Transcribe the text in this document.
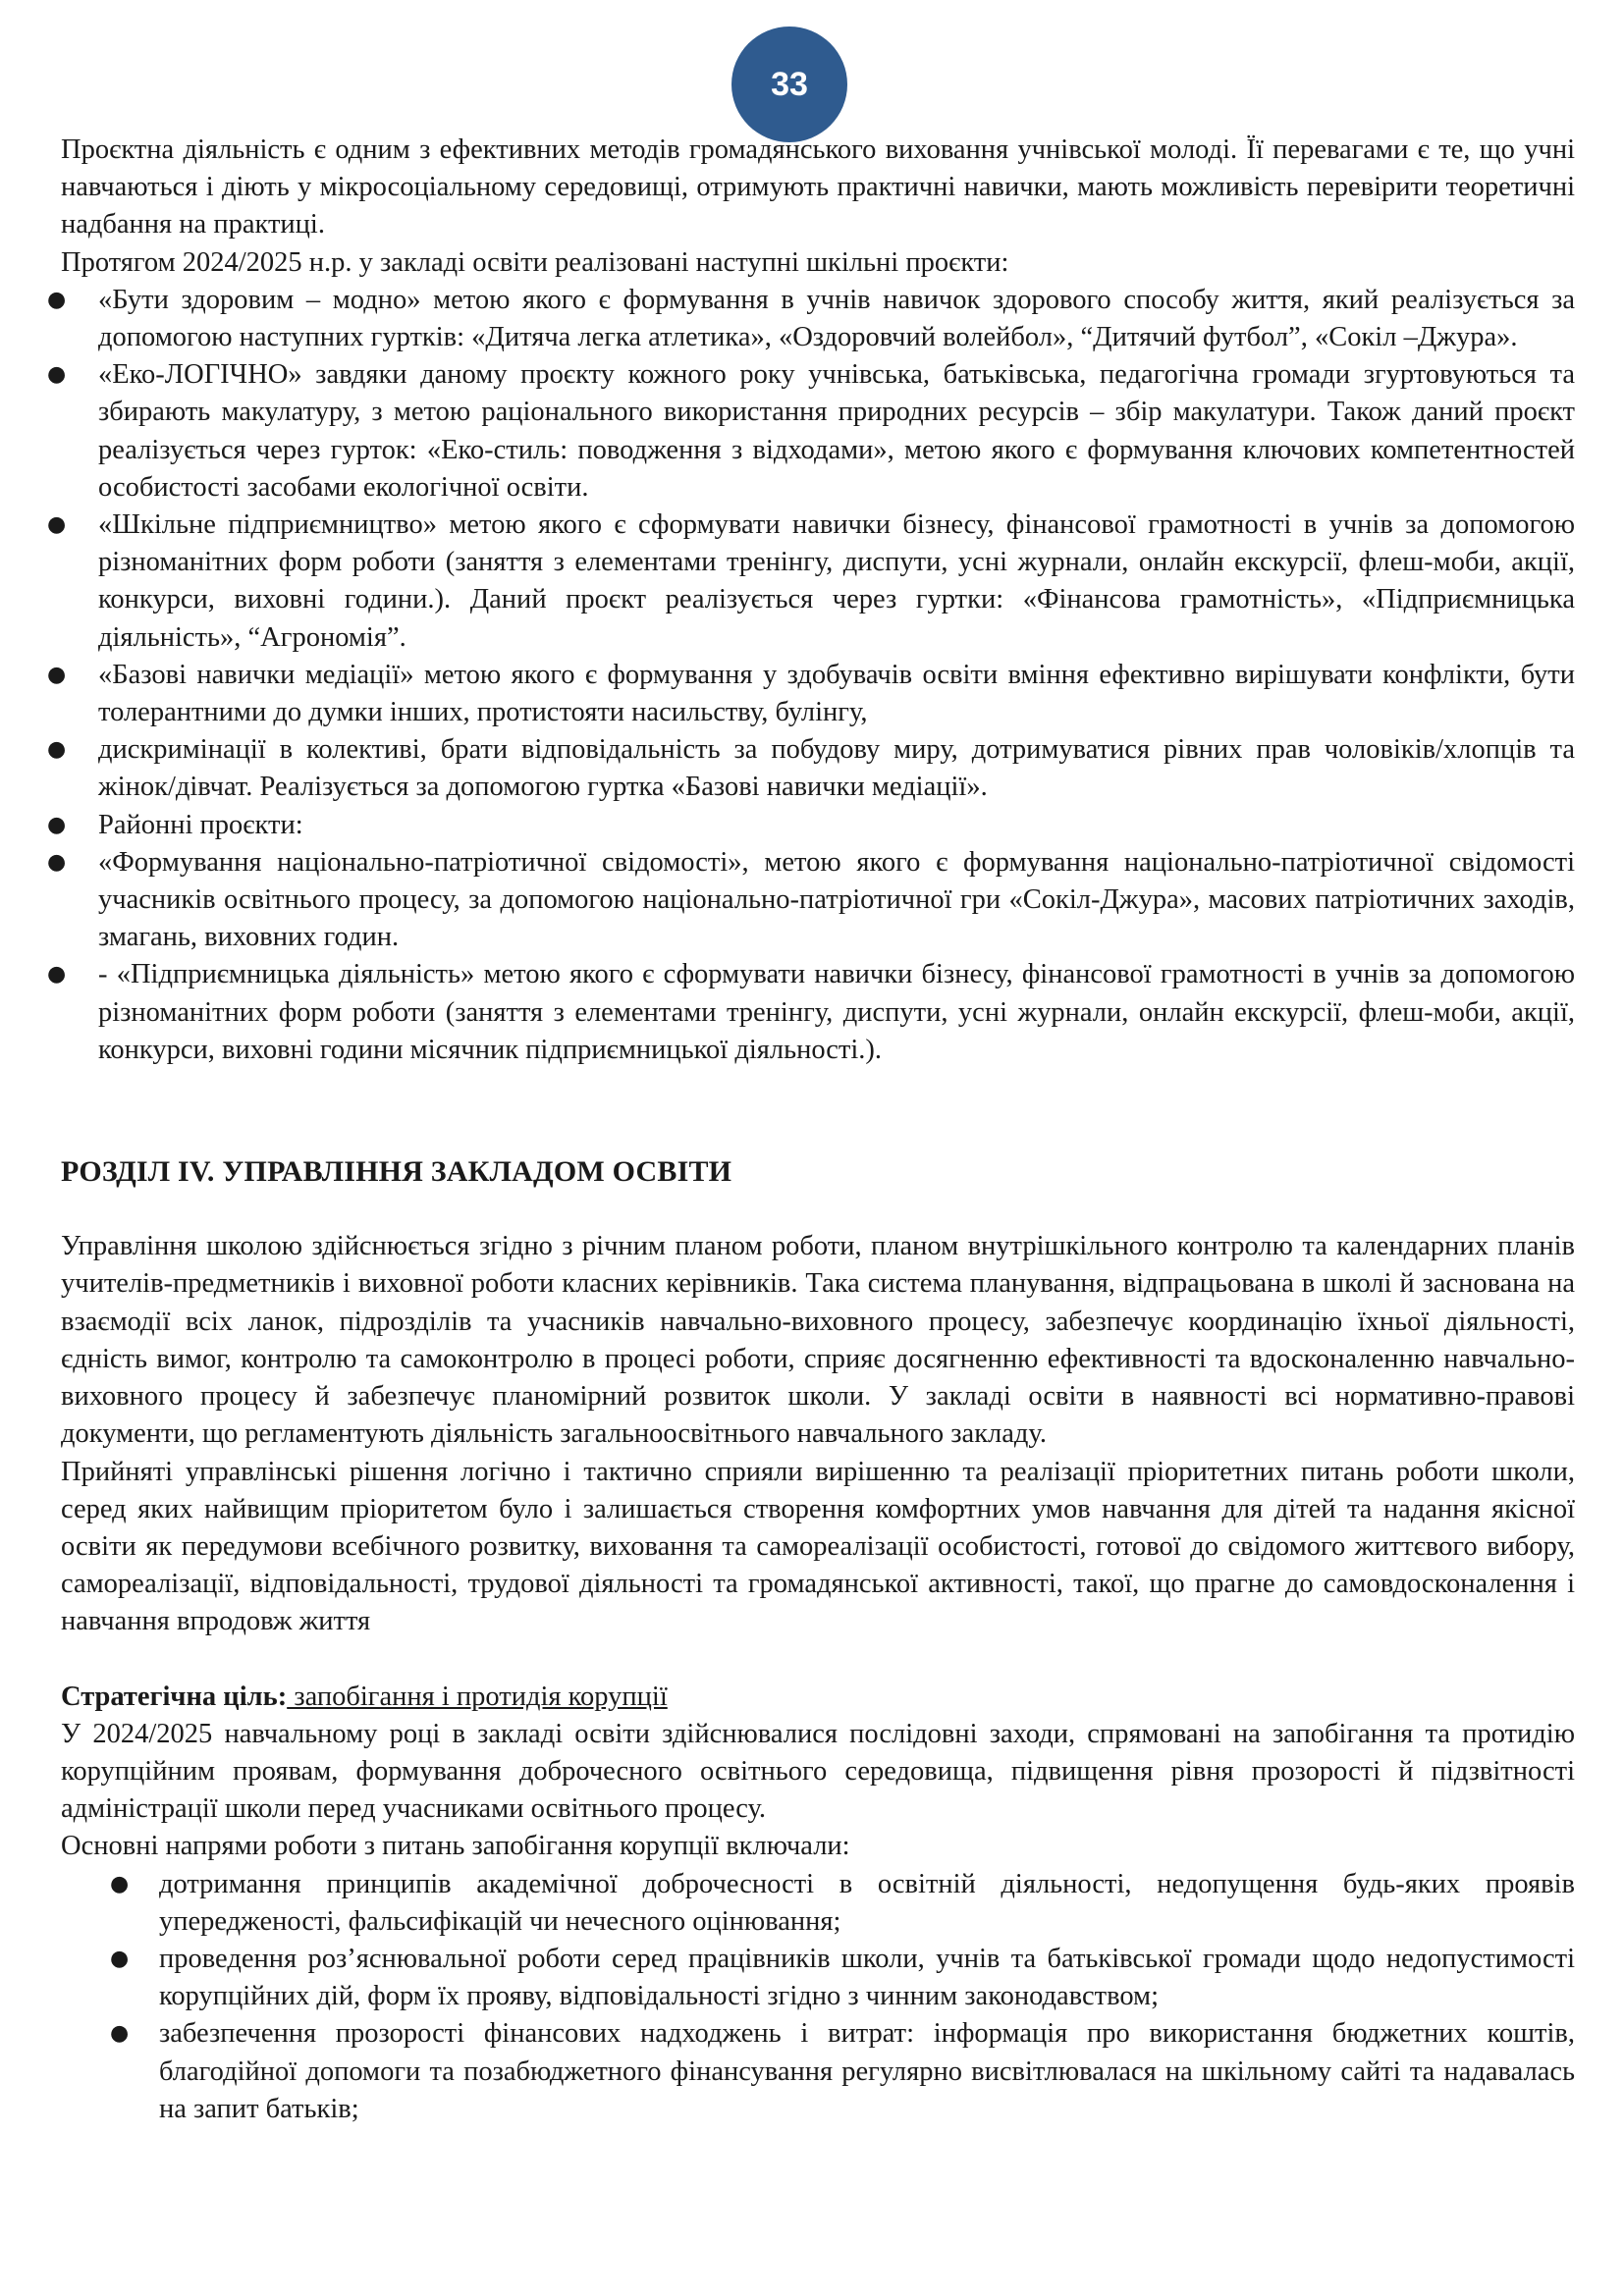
33

Проєктна діяльність є одним з ефективних методів громадянського виховання учнівської молоді. Її перевагами є те, що учні навчаються і діють у мікросоціальному середовищі, отримують практичні навички, мають можливість перевірити теоретичні надбання на практиці.

Протягом 2024/2025 н.р. у закладі освіти реалізовані наступні шкільні проєкти:

● «Бути здоровим – модно» метою якого є формування в учнів навичок здорового способу життя, який реалізується за допомогою наступних гуртків: «Дитяча легка атлетика», «Оздоровчий волейбол», “Дитячий футбол”, «Сокіл –Джура».
● «Еко-ЛОГІЧНО» завдяки даному проєкту кожного року учнівська, батьківська, педагогічна громади згуртовуються та збирають макулатуру, з метою раціонального використання природних ресурсів – збір макулатури. Також даний проєкт реалізується через гурток: «Еко-стиль: поводження з відходами», метою якого є формування ключових компетентностей особистості засобами екологічної освіти.
● «Шкільне підприємництво» метою якого є сформувати навички бізнесу, фінансової грамотності в учнів за допомогою різноманітних форм роботи (заняття з елементами тренінгу, диспути, усні журнали, онлайн екскурсії, флеш-моби, акції, конкурси, виховні години.). Даний проєкт реалізується через гуртки: «Фінансова грамотність», «Підприємницька діяльність», “Агрономія”.
● «Базові навички медіації» метою якого є формування у здобувачів освіти вміння ефективно вирішувати конфлікти, бути толерантними до думки інших, протистояти насильству, булінгу,
● дискримінації в колективі, брати відповідальність за побудову миру, дотримуватися рівних прав чоловіків/хлопців та жінок/дівчат. Реалізується за допомогою гуртка «Базові навички медіації».
● Районні проєкти:
● «Формування національно-патріотичної свідомості», метою якого є формування національно-патріотичної свідомості учасників освітнього процесу, за допомогою національно-патріотичної гри «Сокіл-Джура», масових патріотичних заходів, змагань, виховних годин.
● - «Підприємницька діяльність» метою якого є сформувати навички бізнесу, фінансової грамотності в учнів за допомогою різноманітних форм роботи (заняття з елементами тренінгу, диспути, усні журнали, онлайн екскурсії, флеш-моби, акції, конкурси, виховні години місячник підприємницької діяльності.).
РОЗДІЛ IV. УПРАВЛІННЯ ЗАКЛАДОМ ОСВІТИ

Управління школою здійснюється згідно з річним планом роботи, планом внутрішкільного контролю та календарних планів учителів-предметників і виховної роботи класних керівників. Така система планування, відпрацьована в школі й заснована на взаємодії всіх ланок, підрозділів та учасників навчально-виховного процесу, забезпечує координацію їхньої діяльності, єдність вимог, контролю та самоконтролю в процесі роботи, сприяє досягненню ефективності та вдосконаленню навчально-виховного процесу й забезпечує планомірний розвиток школи. У закладі освіти в наявності всі нормативно-правові документи, що регламентують діяльність загальноосвітнього навчального закладу.

Прийняті управлінські рішення логічно і тактично сприяли вирішенню та реалізації пріоритетних питань роботи школи, серед яких найвищим пріоритетом було і залишається створення комфортних умов навчання для дітей та надання якісної освіти як передумови всебічного розвитку, виховання та самореалізації особистості, готової до свідомого життєвого вибору, самореалізації, відповідальності, трудової діяльності та громадянської активності, такої, що прагне до самовдосконалення і навчання впродовж життя

Стратегічна ціль: запобігання і протидія корупції

У 2024/2025 навчальному році в закладі освіти здійснювалися послідовні заходи, спрямовані на запобігання та протидію корупційним проявам, формування доброчесного освітнього середовища, підвищення рівня прозорості й підзвітності адміністрації школи перед учасниками освітнього процесу.

Основні напрями роботи з питань запобігання корупції включали:

● дотримання принципів академічної доброчесності в освітній діяльності, недопущення будь-яких проявів упередженості, фальсифікацій чи нечесного оцінювання;
● проведення роз’яснювальної роботи серед працівників школи, учнів та батьківської громади щодо недопустимості корупційних дій, форм їх прояву, відповідальності згідно з чинним законодавством;
● забезпечення прозорості фінансових надходжень і витрат: інформація про використання бюджетних коштів, благодійної допомоги та позабюджетного фінансування регулярно висвітлювалася на шкільному сайті та надавалась на запит батьків;
